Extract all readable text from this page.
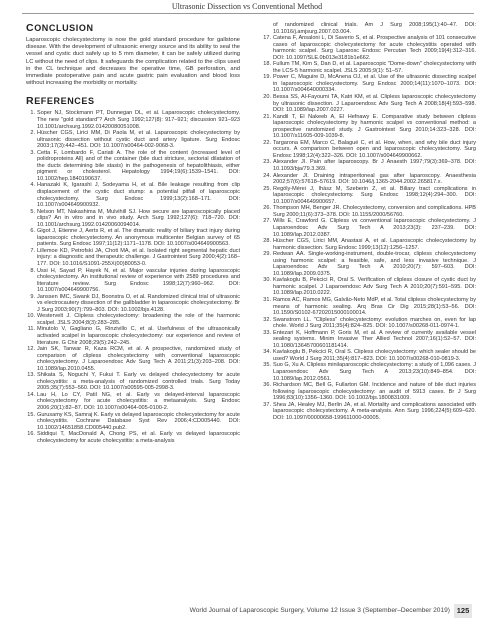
Ultrasonic Dissection vs Conventional Method
CONCLUSION

Laparoscopic cholecystectomy is now the gold standard procedure for gallstone disease. With the development of ultrasonic energy source and its ability to seal the vessel and cystic duct safely up to 5 mm diameter, it can be safely utilized during LC without the need of clips. It safeguards the complication related to the clips used in the CL technique and decreases the operative time, GB perforation, and immediate postoperative pain and acute gastric pain evaluation and blood loss without increasing the morbidity or mortality.

REFERENCES
1. Soper NJ, Stockmann PT, Dunnegan DL, et al. Laparoscopic cholecystectomy. The new "gold standard"? Arch Surg 1992;127(8): 917–921; discussion 921–923 10.1001/archsurg.1992.01420080051008.
2. Hüscher CGS, Lirici MM, Di Paola M, et al. Laparoscopic cholecystectomy by ultrasonic dissection without cystic duct and artery ligature. Surg Endosc 2003;17(3):442–451. DOI: 10.1007/s00464-002-9068-3.
3. Cetta F, Lombardo F, Cariati A. The role of the content (increased level of polidroproteins All) and of the container (bile duct stricture, sectorial dilatation of the ducts determining bile stasis) in the pathogenesis of hepatolithiasis, either pigment or cholesterol. Hepatology 1994;19(6):1539–1541. DOI: 10.1002/hep.1840190637.
4. Hanazaki K, Igarashi J, Sodeyama H, et al. Bile leakage resulting from clip displacement of the cystic duct stump: a potential pitfall of laparoscopic cholecystectomy. Surg Endosc 1999;13(2):168–171. DOI: 10.1007/s004649900932.
5. Nelson MT, Nakashima M, Mulvihill SJ. How secure are laparoscopically placed clips? An in vitro and in vivo study. Arch Surg 1992;127(6): 718–720. DOI: 10.1001/archsurg.1992.01420060094014.
6. Gigot J, Etienne J, Aerts R, et al. The dramatic reality of biliary tract injury during laparoscopic cholecystectomy. An anonymous multicenter Belgian survey of 65 patients. Surg Endosc 1997;11(12):1171–1178. DOI: 10.1007/s004649900563.
7. Lillemoe KD, Petrofski JA, Choti MA, et al. Isolated right segmental hepatic duct injury: a diagnostic and therapeutic challenge. J Gastrointest Surg 2000;4(2):168–177. DOI: 10.1016/S1091-255X(00)80053-0.
8. Ussi H, Sayad P, Hayek N, et al. Major vascular injuries during laparoscopic cholecystectomy. An institutional review of experience with 2589 procedures and literature review. Surg Endosc 1998;12(7):960–962. DOI: 10.1007/s004649900756.
9. Janssen IMC, Swank DJ, Boonstra O, et al. Randomized clinical trial of ultrasonic vs electrocautery dissection of the gallbladder in laparoscopic cholecystectomy. Br J Surg 2003;90(7):799–803. DOI: 10.1002/bjs.4128.
10. Westervelt J. Clipless cholecystectomy: broadening the role of the harmonic scalpel. JSLS 2004;8(3):283–285.
11. Minutolo V, Gagliano G, Rinzivillo C, et al. Usefulness of the ultrasonically activated scalpel in laparoscopic cholecystectomy: our experience and review of literature. G Chir 2008;29(5):242–245.
12. Jain SK, Tanwar R, Kaza RCM, et al. A prospective, randomized study of comparison of clipless cholecystectomy with conventional laparoscopic cholecystectomy. J Laparoendosc Adv Surg Tech A 2011;21(3):203–208. DOI: 10.1089/lap.2010.0455.
13. Shikata S, Noguchi Y, Fukui T. Early vs delayed cholecystectomy for acute cholecystitis: a meta-analysis of randomized controlled trials. Surg Today 2005;35(7):553–560. DOI: 10.1007/s00595-005-2998-3.
14. Lau H, Lo CY, Patil NG, et al. Early vs delayed-interval laparoscopic cholecystectomy for acute cholecystitis: a metaanalysis. Surg Endosc 2006;20(1):82–87. DOI: 10.1007/s00464-005-0100-2.
15. Gurusamy KS, Samraj K. Early vs delayed laparoscopic cholecystectomy for acute cholecystitis. Cochrane Database Syst Rev 2006;4:CD005440. DOI: 10.1002/14651858.CD005440.pub2.
16. Siddiqui T, MacDonald A, Chong PS, et al. Early vs delayed laparoscopic cholecystectomy for acute cholecystitis: a meta-analysis
of randomized clinical trials. Am J Surg 2008;195(1):40–47. DOI: 10.1016/j.amjsurg.2007.03.004.
17. Catena F, Ansaloni L, Di Saverio S, et al. Prospective analysis of 101 consecutive cases of laparoscopic cholecystectomy for acute cholecystitis operated with harmonic scalpel. Surg Laparosc Endosc Percutan Tech 2009;19(4):312–316. DOI: 10.1097/SLE.0b013e3181b1e662.
18. Fullum TM, Kim S, Dan D, et al. Laparoscopic "Dome-down" cholecystectomy with the LCS-5 harmonic scalpel. JSLS 2005;9(1): 51–57.
19. Power C, Maguire D, McAnena OJ, et al. Use of the ultrasonic dissecting scalpel in laparoscopic cholecystectomy. Surg Endosc 2000;14(11):1070–1073. DOI: 10.1007/s004640000334.
20. Bessa SS, Al-Fayoumi TA, Katri KM, et al. Clipless laparoscopic cholecystectomy by ultrasonic dissection. J Laparoendosc Adv Surg Tech A 2008;18(4):593–598. DOI: 10.1089/lap.2007.0227.
21. Kandil T, El Nakeeb A, El Hefnawy E. Comparative study between clipless laparoscopic cholecystectomy by harmonic scalpel vs conventional method: a prospective randomized study. J Gastrointest Surg 2010;14:323–328. DOI: 10.1007/s11605-009-1039-8.
22. Targarona EM, Marco C, Balagué C, et al. How, when, and why bile duct injury occurs. A comparison between open and laparoscopic cholecystectomy. Surg Endosc 1998;12(4):322–326. DOI: 10.1007/s004649900662.
23. Alexander JI. Pain after laparoscopy. Br J Anaesth 1997;79(3):369–378. DOI: 10.1093/bja/79.3.369.
24. Alexander JI. Draining intraperitoneal gas after laparoscopy. Anaesthesia 2002;57(6):57618–57619. DOI: 10.1046/j.1365-2044.2002.265817.x.
25. Regöly-Mérei J, Ihász M, Szeberin Z, et al. Biliary tract complications in laparoscopic cholecystectomy. Surg Endosc 1998;12(4):294–300. DOI: 10.1007/s004649900657.
26. Thompson MH, Benger JR. Cholecystectomy, conversion and complications. HPB Surg 2000;11(6):373–378. DOI: 10.1155/2000/56760.
27. Wills E, Crawford G. Clipless vs conventional laparoscopic cholecystectomy. J Laparoendosc Adv Surg Tech A 2013;23(3): 237–239. DOI: 10.1089/lap.2012.0387.
28. Hüscher CGS, Lirici MM, Anastasi A, et al. Laparoscopic cholecystectomy by harmonic dissection. Surg Endosc 1999;13(12):1256–1257.
29. Redwan AA. Single-working-instrument, double-trocar, clipless cholecystectomy using harmonic scalpel: a feasible, safe, and less invasive technique. J Laparoendosc Adv Surg Tech A 2010;20(7): 597–603. DOI: 10.1089/lap.2009.0375.
30. Kavlakoglu B, Pekcici R, Oral S. Verification of clipless closure of cystic duct by harmonic scalpel. J Laparoendosc Adv Surg Tech A 2010;20(7):591–595. DOI: 10.1089/lap.2010.0222.
31. Ramos AC, Ramos MG, Galvão-Neto MdP, et al. Total clipless cholecystectomy by means of harmonic sealing. Arq Bras Cir Dig 2015;28(1):53–56. DOI: 10.1590/S0102-67202015000100014.
32. Swanstrom LL. "Clipless" cholecystectomy: evolution marches on, even for lap chole. World J Surg 2011;35(4):824–825. DOI: 10.1007/s00268-011-0974-1.
33. Entezari K, Hoffmann P, Goris M, et al. A review of currently available vessel sealing systems. Minim Invasive Ther Allied Technol 2007;16(1):52–57. DOI: 10.1080/13645700601181414.
34. Kavlakoglu B, Pekcici R, Oral S. Clipless cholecystectomy: which sealer should be used? World J Surg 2011;35(4):817–823. DOI: 10.1007/s00268-010-0819-3.
35. Suo G, Xu A. Clipless minilaparoscopic cholecystectomy: a study of 1,096 cases. J Laparoendosc Adv Surg Tech A 2013;23(10):849–854. DOI: 10.1089/lap.2012.0561.
36. Richardson MC, Bell G, Fullarton GM. Incidence and nature of bile duct injuries following laparoscopic cholecystectomy: an audit of 5913 cases. Br J Surg 1996;83(10):1356–1360. DOI: 10.1002/bjs.1800831009.
37. Shea JA, Healey MJ, Berlin JA, et al. Mortality and complications associated with laparoscopic cholecystectomy. A meta-analysis. Ann Surg 1996;224(5):609–620. DOI: 10.1097/00000658-199611000-00005.
World Journal of Laparoscopic Surgery, Volume 12 Issue 3 (September–December 2019) 125
